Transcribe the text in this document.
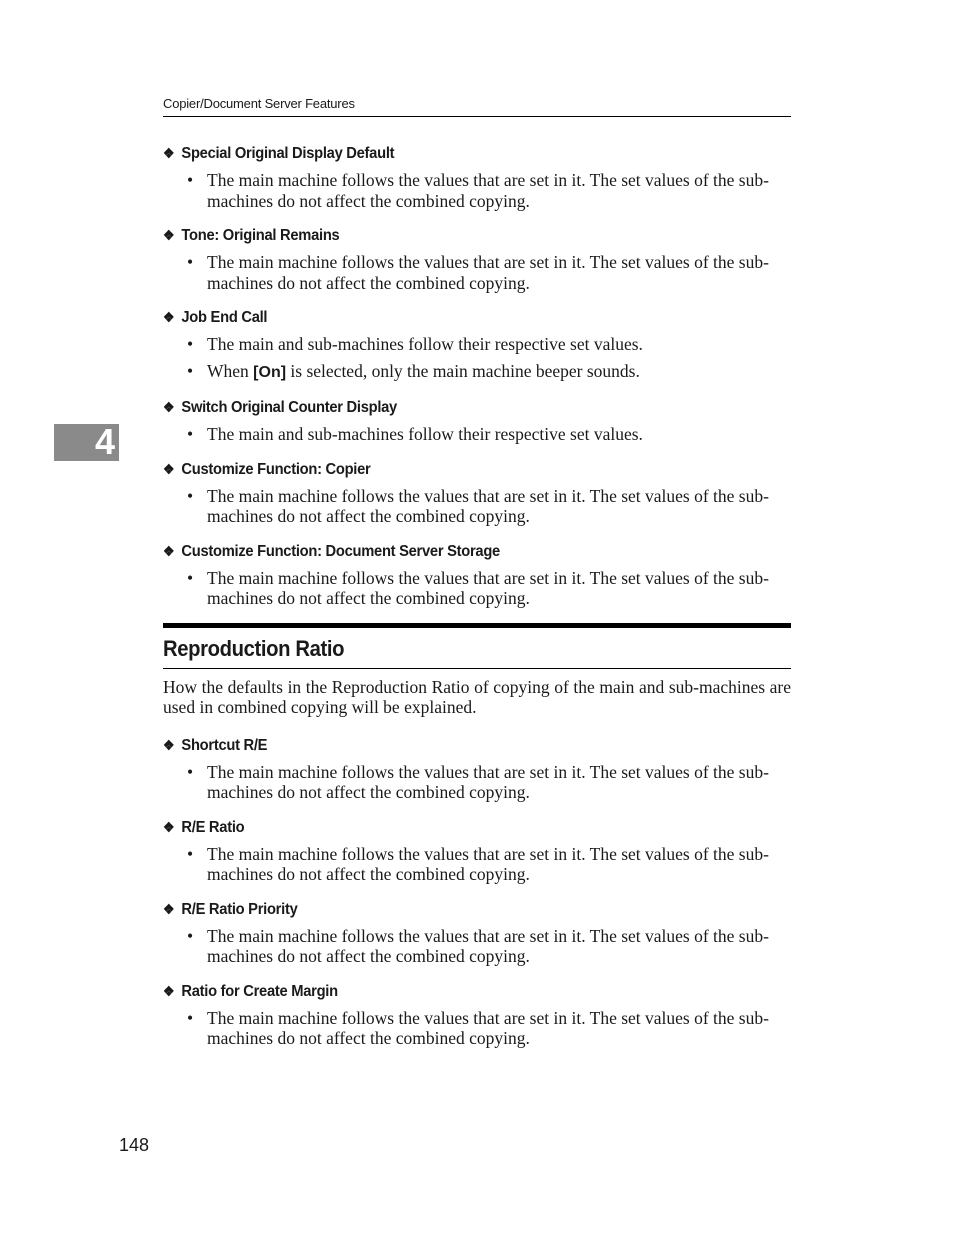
Copier/Document Server Features
4
❖ Special Original Display Default
• The main machine follows the values that are set in it. The set values of the sub-machines do not affect the combined copying.
❖ Tone: Original Remains
• The main machine follows the values that are set in it. The set values of the sub-machines do not affect the combined copying.
❖ Job End Call
• The main and sub-machines follow their respective set values.
• When [On] is selected, only the main machine beeper sounds.
❖ Switch Original Counter Display
• The main and sub-machines follow their respective set values.
❖ Customize Function: Copier
• The main machine follows the values that are set in it. The set values of the sub-machines do not affect the combined copying.
❖ Customize Function: Document Server Storage
• The main machine follows the values that are set in it. The set values of the sub-machines do not affect the combined copying.
Reproduction Ratio

How the defaults in the Reproduction Ratio of copying of the main and sub-machines are used in combined copying will be explained.

❖ Shortcut R/E
• The main machine follows the values that are set in it. The set values of the sub-machines do not affect the combined copying.
❖ R/E Ratio
• The main machine follows the values that are set in it. The set values of the sub-machines do not affect the combined copying.
❖ R/E Ratio Priority
• The main machine follows the values that are set in it. The set values of the sub-machines do not affect the combined copying.
❖ Ratio for Create Margin
• The main machine follows the values that are set in it. The set values of the sub-machines do not affect the combined copying.
148
